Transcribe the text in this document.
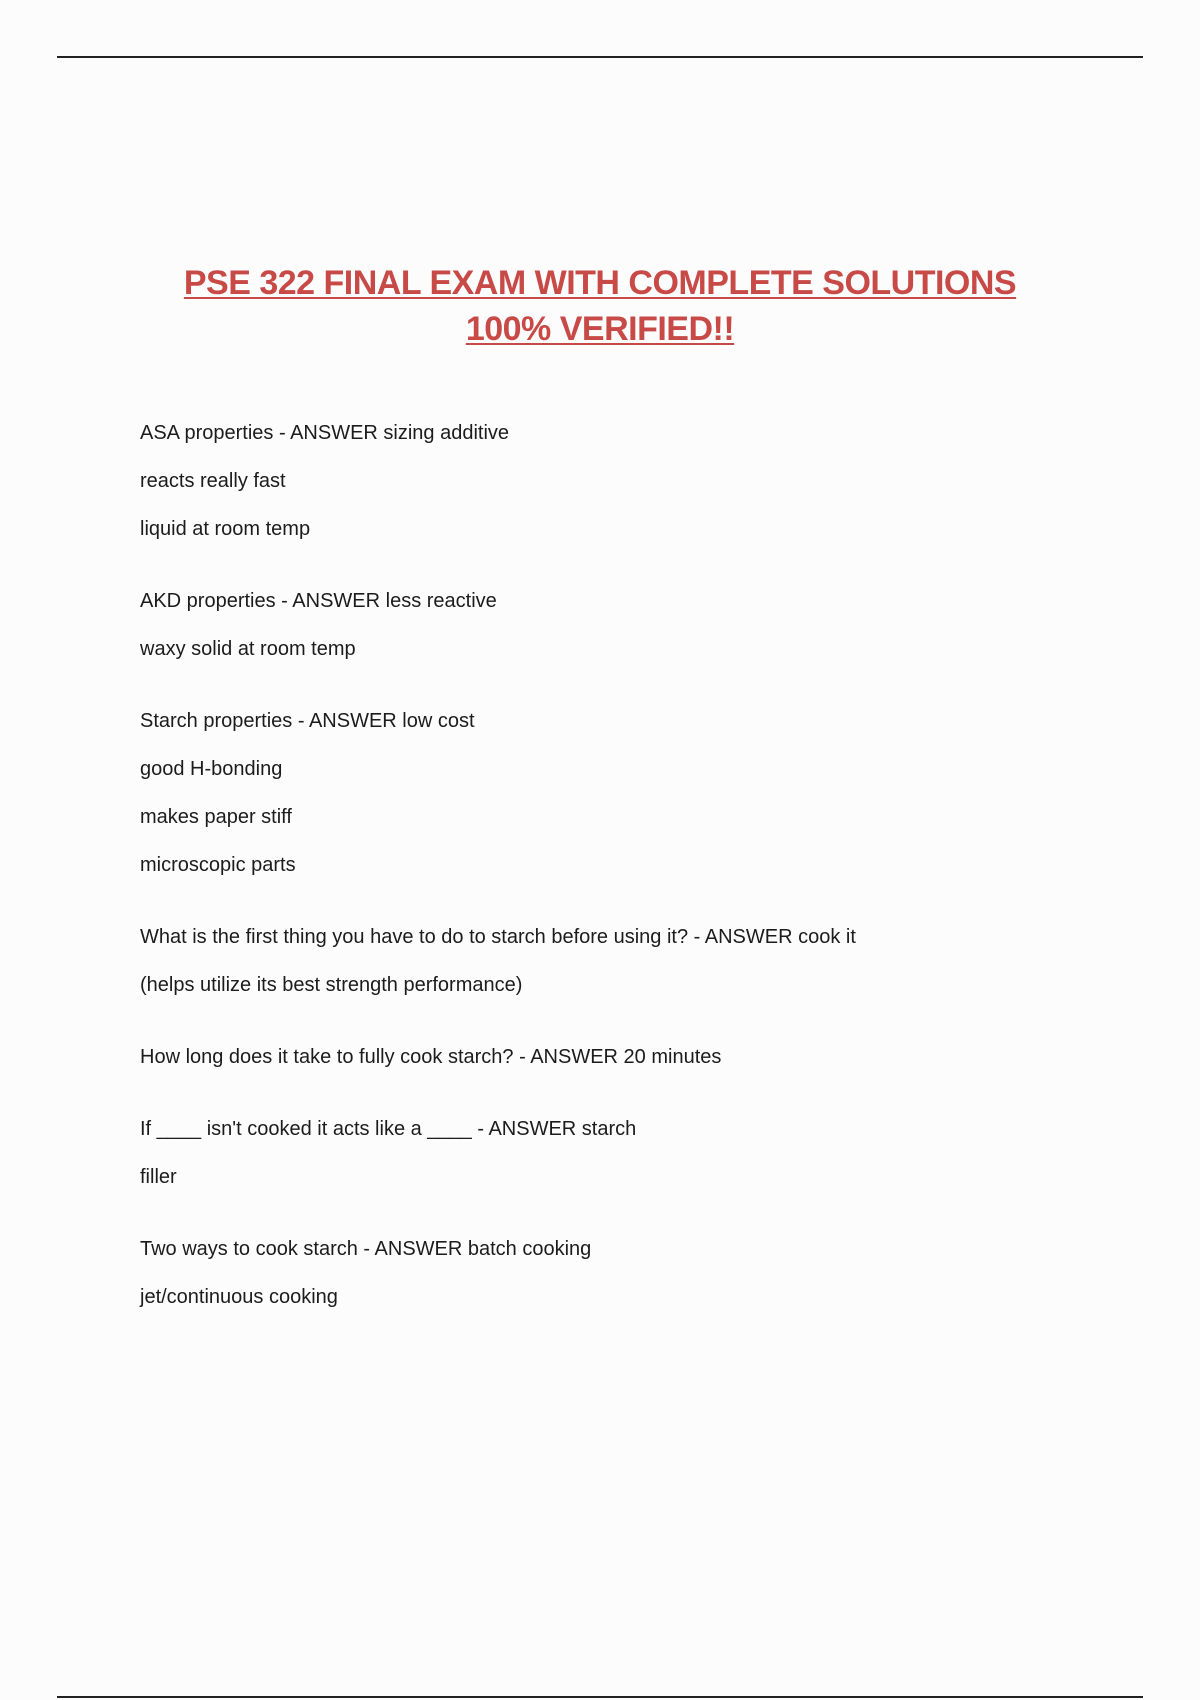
PSE 322 FINAL EXAM WITH COMPLETE SOLUTIONS
100% VERIFIED!!
ASA properties - ANSWER sizing additive
reacts really fast
liquid at room temp
AKD properties - ANSWER less reactive
waxy solid at room temp
Starch properties - ANSWER low cost
good H-bonding
makes paper stiff
microscopic parts
What is the first thing you have to do to starch before using it? - ANSWER cook it
(helps utilize its best strength performance)
How long does it take to fully cook starch? - ANSWER 20 minutes
If ____ isn't cooked it acts like a ____ - ANSWER starch
filler
Two ways to cook starch - ANSWER batch cooking
jet/continuous cooking
